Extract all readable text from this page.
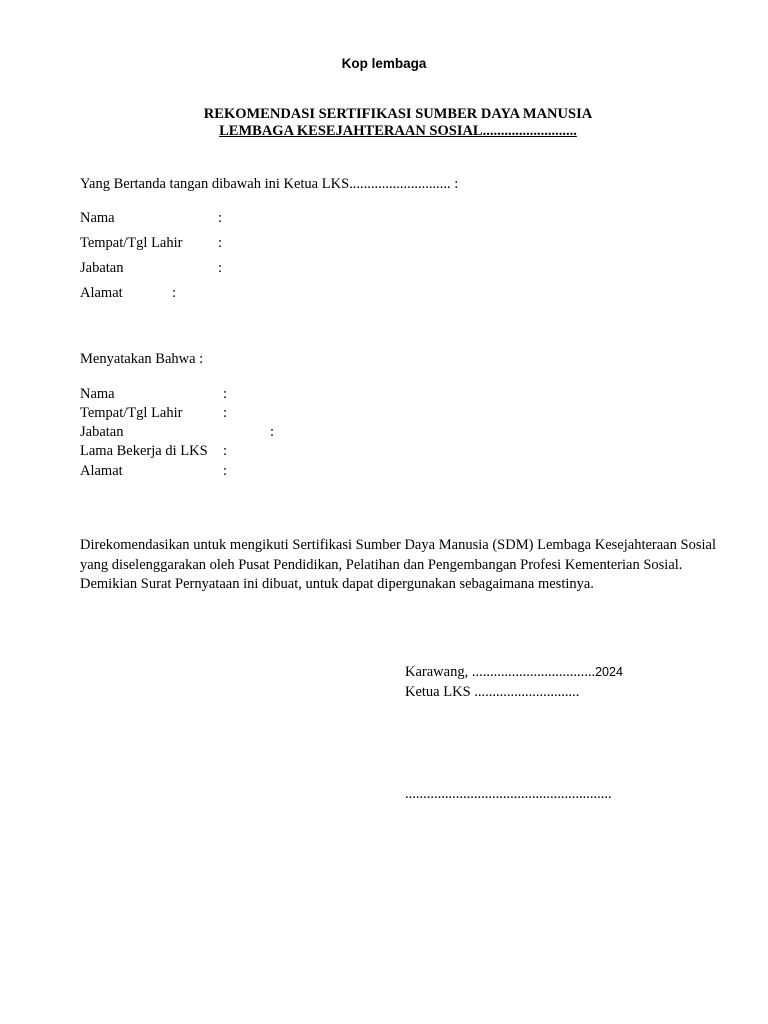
Kop lembaga
REKOMENDASI SERTIFIKASI SUMBER DAYA MANUSIA
LEMBAGA KESEJAHTERAAN SOSIAL..........................
Yang Bertanda tangan dibawah ini Ketua LKS............................ :
Nama	:
Tempat/Tgl Lahir :
Jabatan	:
Alamat	:
Menyatakan Bahwa :
Nama	:
Tempat/Tgl Lahir	:
Jabatan	:
Lama Bekerja di LKS :
Alamat	:

Direkomendasikan untuk mengikuti Sertifikasi Sumber Daya Manusia (SDM) Lembaga Kesejahteraan Sosial yang diselenggarakan oleh Pusat Pendidikan, Pelatihan dan Pengembangan Profesi Kementerian Sosial.

Demikian Surat Pernyataan ini dibuat, untuk dapat dipergunakan sebagaimana mestinya.

Karawang, ..................................2024
Ketua LKS .............................
.........................................................
